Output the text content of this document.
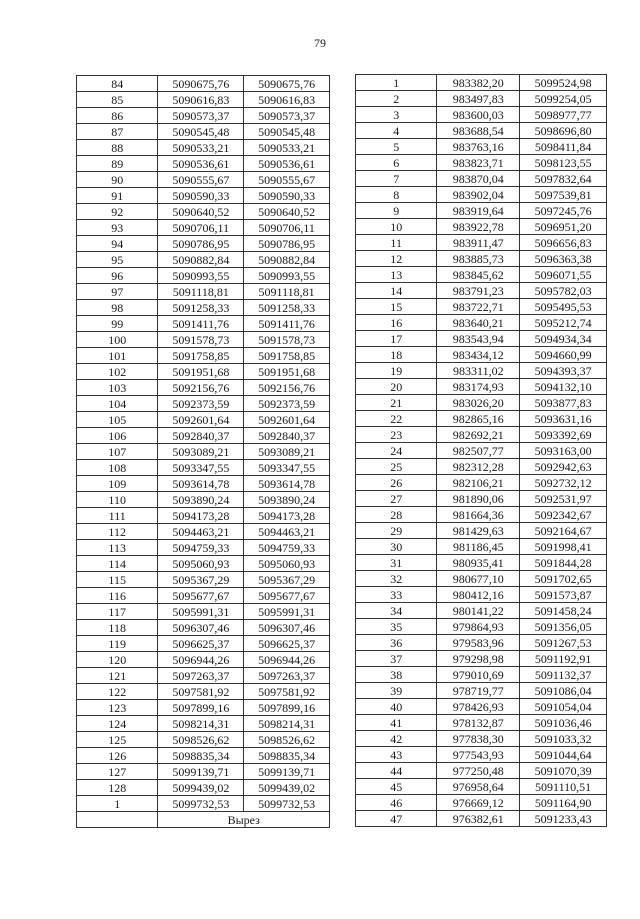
79
84	5090675,76	5090675,76
85	5090616,83	5090616,83
86	5090573,37	5090573,37
87	5090545,48	5090545,48
88	5090533,21	5090533,21
89	5090536,61	5090536,61
90	5090555,67	5090555,67
91	5090590,33	5090590,33
92	5090640,52	5090640,52
93	5090706,11	5090706,11
94	5090786,95	5090786,95
95	5090882,84	5090882,84
96	5090993,55	5090993,55
97	5091118,81	5091118,81
98	5091258,33	5091258,33
99	5091411,76	5091411,76
100	5091578,73	5091578,73
101	5091758,85	5091758,85
102	5091951,68	5091951,68
103	5092156,76	5092156,76
104	5092373,59	5092373,59
105	5092601,64	5092601,64
106	5092840,37	5092840,37
107	5093089,21	5093089,21
108	5093347,55	5093347,55
109	5093614,78	5093614,78
110	5093890,24	5093890,24
111	5094173,28	5094173,28
112	5094463,21	5094463,21
113	5094759,33	5094759,33
114	5095060,93	5095060,93
115	5095367,29	5095367,29
116	5095677,67	5095677,67
117	5095991,31	5095991,31
118	5096307,46	5096307,46
119	5096625,37	5096625,37
120	5096944,26	5096944,26
121	5097263,37	5097263,37
122	5097581,92	5097581,92
123	5097899,16	5097899,16
124	5098214,31	5098214,31
125	5098526,62	5098526,62
126	5098835,34	5098835,34
127	5099139,71	5099139,71
128	5099439,02	5099439,02
1	5099732,53	5099732,53
	Вырез	
1	983382,20	5099524,98
2	983497,83	5099254,05
3	983600,03	5098977,77
4	983688,54	5098696,80
5	983763,16	5098411,84
6	983823,71	5098123,55
7	983870,04	5097832,64
8	983902,04	5097539,81
9	983919,64	5097245,76
10	983922,78	5096951,20
11	983911,47	5096656,83
12	983885,73	5096363,38
13	983845,62	5096071,55
14	983791,23	5095782,03
15	983722,71	5095495,53
16	983640,21	5095212,74
17	983543,94	5094934,34
18	983434,12	5094660,99
19	983311,02	5094393,37
20	983174,93	5094132,10
21	983026,20	5093877,83
22	982865,16	5093631,16
23	982692,21	5093392,69
24	982507,77	5093163,00
25	982312,28	5092942,63
26	982106,21	5092732,12
27	981890,06	5092531,97
28	981664,36	5092342,67
29	981429,63	5092164,67
30	981186,45	5091998,41
31	980935,41	5091844,28
32	980677,10	5091702,65
33	980412,16	5091573,87
34	980141,22	5091458,24
35	979864,93	5091356,05
36	979583,96	5091267,53
37	979298,98	5091192,91
38	979010,69	5091132,37
39	978719,77	5091086,04
40	978426,93	5091054,04
41	978132,87	5091036,46
42	977838,30	5091033,32
43	977543,93	5091044,64
44	977250,48	5091070,39
45	976958,64	5091110,51
46	976669,12	5091164,90
47	976382,61	5091233,43
